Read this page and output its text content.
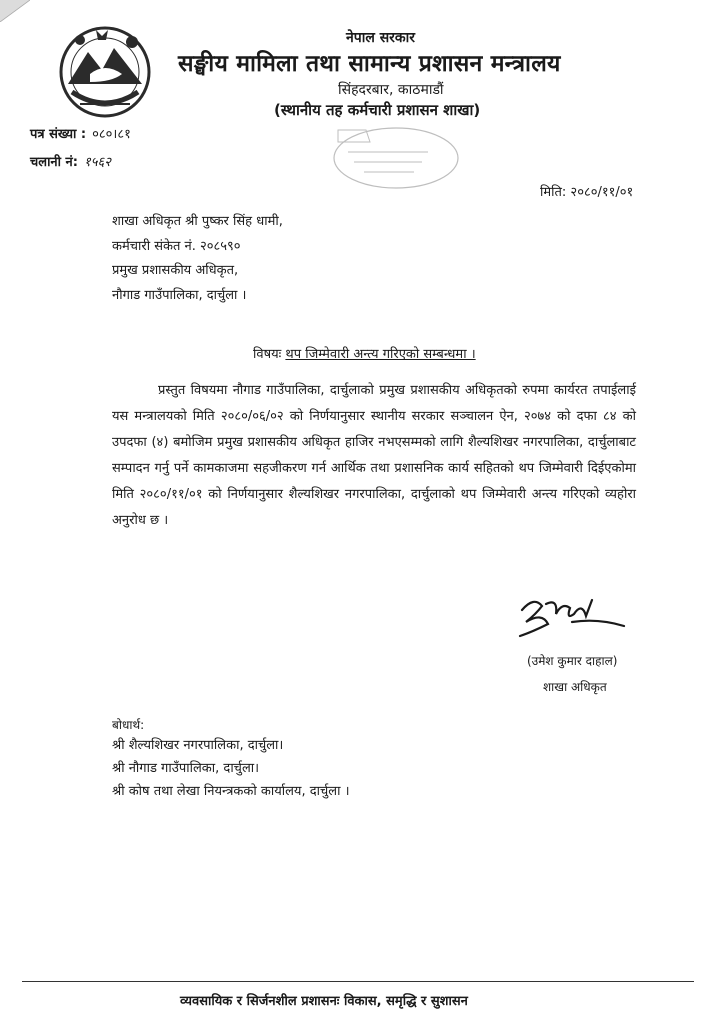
नेपाल सरकार
सङ्घीय मामिला तथा सामान्य प्रशासन मन्त्रालय
सिंहदरबार, काठमाडौं
(स्थानीय तह कर्मचारी प्रशासन शाखा)
पत्र संख्या : ०८०।८१
चलानी नं: १५६२
मिति: २०८०/११/०१
शाखा अधिकृत श्री पुष्कर सिंह धामी,
कर्मचारी संकेत नं. २०८५९०
प्रमुख प्रशासकीय अधिकृत,
नौगाड गाउँपालिका, दार्चुला ।
विषयः थप जिम्मेवारी अन्त्य गरिएको सम्बन्धमा ।
प्रस्तुत विषयमा नौगाड गाउँपालिका, दार्चुलाको प्रमुख प्रशासकीय अधिकृतको रुपमा कार्यरत तपाईलाई यस मन्त्रालयको मिति २०८०/०६/०२ को निर्णयानुसार स्थानीय सरकार सञ्चालन ऐन, २०७४ को दफा ८४ को उपदफा (४) बमोजिम प्रमुख प्रशासकीय अधिकृत हाजिर नभएसम्मको लागि शैल्यशिखर नगरपालिका, दार्चुलाबाट सम्पादन गर्नु पर्ने कामकाजमा सहजीकरण गर्न आर्थिक तथा प्रशासनिक कार्य सहितको थप जिम्मेवारी दिईएकोमा मिति २०८०/११/०१ को निर्णयानुसार शैल्यशिखर नगरपालिका, दार्चुलाको थप जिम्मेवारी अन्त्य गरिएको व्यहोरा अनुरोध छ ।
(उमेश कुमार दाहाल)
शाखा अधिकृत
बोधार्थ:
श्री शैल्यशिखर नगरपालिका, दार्चुला।
श्री नौगाड गाउँपालिका, दार्चुला।
श्री कोष तथा लेखा नियन्त्रकको कार्यालय, दार्चुला ।
व्यवसायिक र सिर्जनशील प्रशासनः विकास, समृद्धि र सुशासन
